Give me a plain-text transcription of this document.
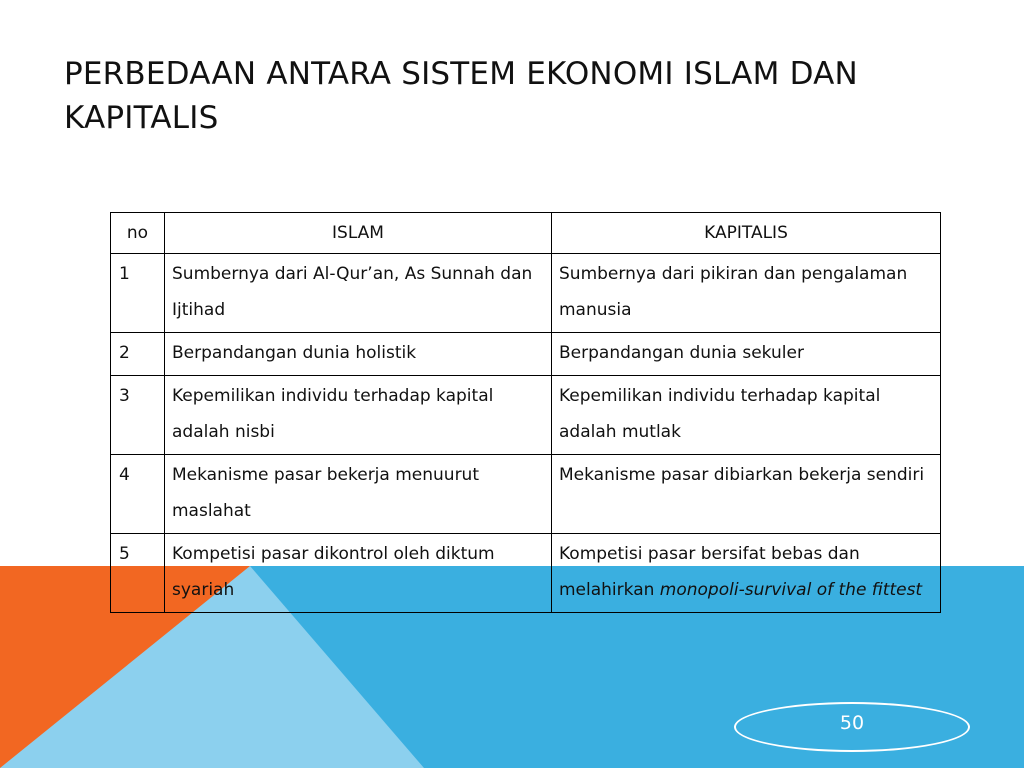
PERBEDAAN ANTARA SISTEM EKONOMI ISLAM DAN KAPITALIS
no	ISLAM	KAPITALIS
1	Sumbernya dari Al-Qur’an, As Sunnah dan Ijtihad	Sumbernya dari pikiran dan pengalaman manusia
2	Berpandangan dunia holistik	Berpandangan dunia sekuler
3	Kepemilikan individu terhadap kapital adalah nisbi	Kepemilikan individu terhadap kapital adalah mutlak
4	Mekanisme pasar bekerja menuurut maslahat	Mekanisme pasar dibiarkan bekerja sendiri
5	Kompetisi pasar dikontrol oleh diktum syariah	Kompetisi pasar bersifat bebas dan melahirkan monopoli-survival of the fittest
50
